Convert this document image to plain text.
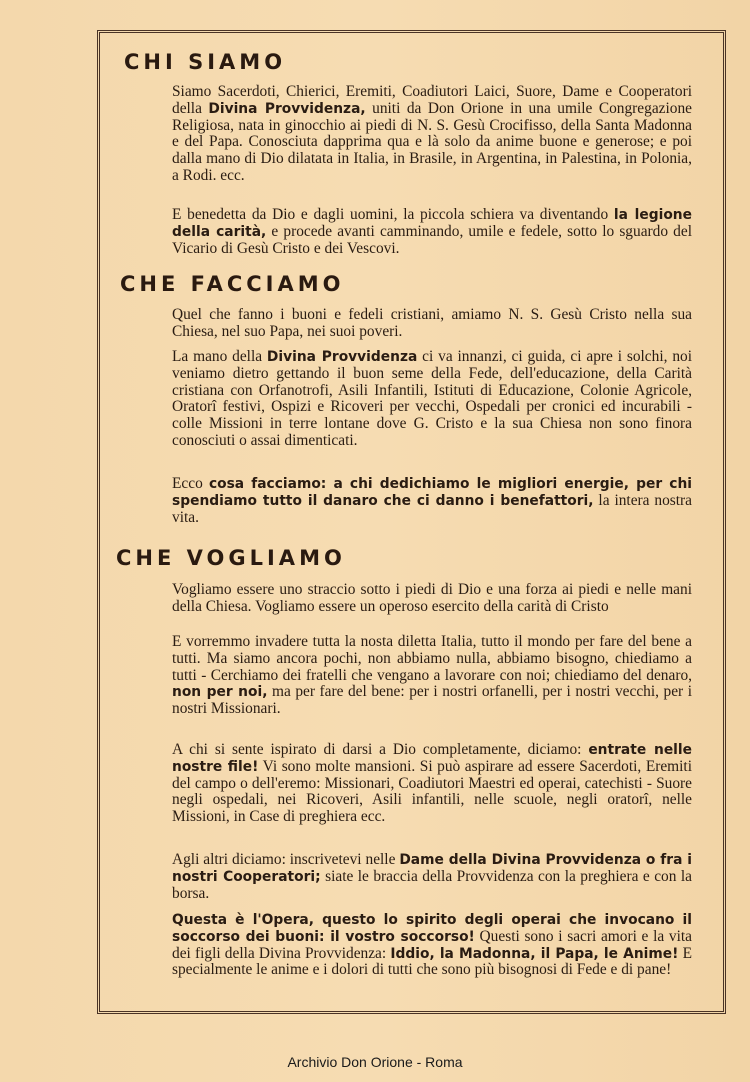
CHI SIAMO
Siamo Sacerdoti, Chierici, Eremiti, Coadiutori Laici, Suore, Dame e Cooperatori della Divina Provvidenza, uniti da Don Orione in una umile Congregazione Religiosa, nata in ginocchio ai piedi di N. S. Gesù Crocifisso, della Santa Madonna e del Papa. Conosciuta dapprima qua e là solo da anime buone e generose; e poi dalla mano di Dio dilatata in Italia, in Brasile, in Argentina, in Palestina, in Polonia, a Rodi. ecc.
E benedetta da Dio e dagli uomini, la piccola schiera va diventando la legione della carità, e procede avanti camminando, umile e fedele, sotto lo sguardo del Vicario di Gesù Cristo e dei Vescovi.
CHE FACCIAMO
Quel che fanno i buoni e fedeli cristiani, amiamo N. S. Gesù Cristo nella sua Chiesa, nel suo Papa, nei suoi poveri.
La mano della Divina Provvidenza ci va innanzi, ci guida, ci apre i solchi, noi veniamo dietro gettando il buon seme della Fede, dell'educazione, della Carità cristiana con Orfanotrofi, Asili Infantili, Istituti di Educazione, Colonie Agricole, Oratorî festivi, Ospizi e Ricoveri per vecchi, Ospedali per cronici ed incurabili - colle Missioni in terre lontane dove G. Cristo e la sua Chiesa non sono finora conosciuti o assai dimenticati.
Ecco cosa facciamo: a chi dedichiamo le migliori energie, per chi spendiamo tutto il danaro che ci danno i benefattori, la intera nostra vita.
CHE VOGLIAMO
Vogliamo essere uno straccio sotto i piedi di Dio e una forza ai piedi e nelle mani della Chiesa. Vogliamo essere un operoso esercito della carità di Cristo
E vorremmo invadere tutta la nosta diletta Italia, tutto il mondo per fare del bene a tutti. Ma siamo ancora pochi, non abbiamo nulla, abbiamo bisogno, chiediamo a tutti - Cerchiamo dei fratelli che vengano a lavorare con noi; chiediamo del denaro, non per noi, ma per fare del bene: per i nostri orfanelli, per i nostri vecchi, per i nostri Missionari.
A chi si sente ispirato di darsi a Dio completamente, diciamo: entrate nelle nostre file! Vi sono molte mansioni. Si può aspirare ad essere Sacerdoti, Eremiti del campo o dell'eremo: Missionari, Coadiutori Maestri ed operai, catechisti - Suore negli ospedali, nei Ricoveri, Asili infantili, nelle scuole, negli oratorî, nelle Missioni, in Case di preghiera ecc.
Agli altri diciamo: inscrivetevi nelle Dame della Divina Provvidenza o fra i nostri Cooperatori; siate le braccia della Provvidenza con la preghiera e con la borsa.
Questa è l'Opera, questo lo spirito degli operai che invocano il soccorso dei buoni: il vostro soccorso! Questi sono i sacri amori e la vita dei figli della Divina Provvidenza: Iddio, la Madonna, il Papa, le Anime! E specialmente le anime e i dolori di tutti che sono più bisognosi di Fede e di pane!
Archivio Don Orione - Roma
